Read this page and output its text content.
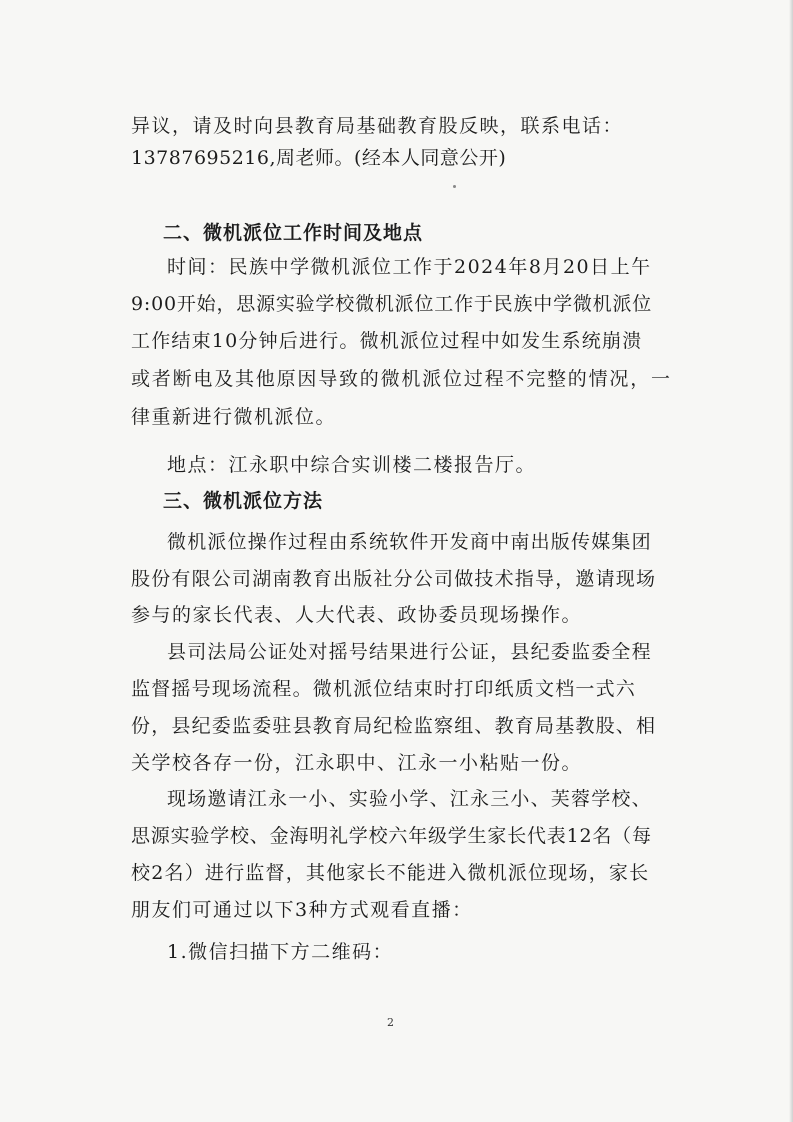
异议，请及时向县教育局基础教育股反映，联系电话：
13787695216,周老师。(经本人同意公开)
二、微机派位工作时间及地点
时间：民族中学微机派位工作于2024年8月20日上午
9:00开始，思源实验学校微机派位工作于民族中学微机派位
工作结束10分钟后进行。微机派位过程中如发生系统崩溃
或者断电及其他原因导致的微机派位过程不完整的情况，一
律重新进行微机派位。
地点：江永职中综合实训楼二楼报告厅。
三、微机派位方法
微机派位操作过程由系统软件开发商中南出版传媒集团
股份有限公司湖南教育出版社分公司做技术指导，邀请现场
参与的家长代表、人大代表、政协委员现场操作。
县司法局公证处对摇号结果进行公证，县纪委监委全程
监督摇号现场流程。微机派位结束时打印纸质文档一式六
份，县纪委监委驻县教育局纪检监察组、教育局基教股、相
关学校各存一份，江永职中、江永一小粘贴一份。
现场邀请江永一小、实验小学、江永三小、芙蓉学校、
思源实验学校、金海明礼学校六年级学生家长代表12名（每
校2名）进行监督，其他家长不能进入微机派位现场，家长
朋友们可通过以下3种方式观看直播：
1.微信扫描下方二维码：
2
